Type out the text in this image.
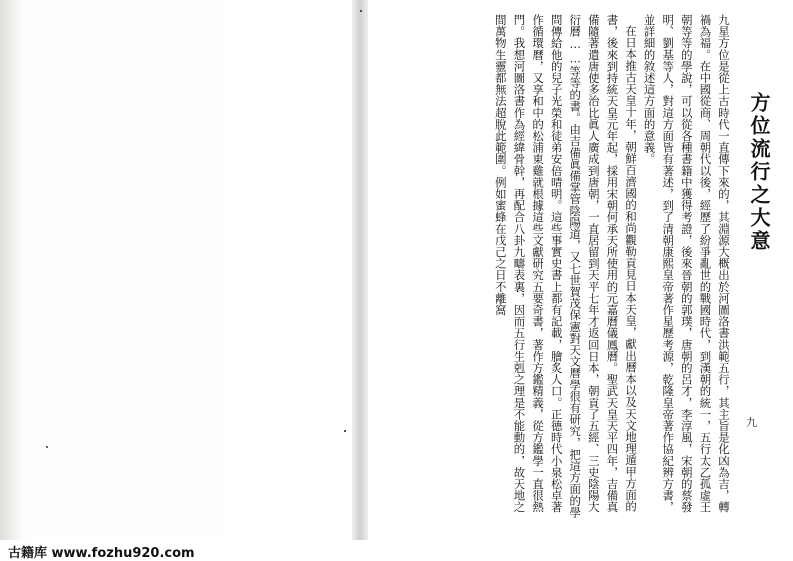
方位流行之大意

九星方位是從上古時代一直傳下來的，其淵源大概出於河圖洛書洪範五行，其主旨是化凶為吉，轉禍為福。在中國從商、周朝代以後，經歷了紛爭亂世的戰國時代，到漢朝的統一，五行太乙孤虛王朝等等的學說，可以從各種書籍中獲得考證，後來晉朝的郭璞，唐朝的呂才，李淳風，宋朝的蔡發明、劉基等人，對這方面皆有著述，到了清朝康熙皇帝著作星歷考源，乾隆皇帝著作協紀辨方書，並詳細的敘述這方面的意義。

在日本推古天皇十年，朝鮮百濟國的和尚觀勒貢見日本天皇，獻出曆本以及天文地理遁甲方面的書，後來到持統天皇元年起，採用宋朝何承天所使用的元嘉曆儀鳳曆。聖武天皇天平四年，吉備真備隨著遣唐使多治比眞人廣成到唐朝，一直居留到天平七年才返回日本，朝貢了五經、三史陰陽大衍曆……等等的書。由吉備眞備掌管陰陽道，又七世賀茂保憲對天文曆學很有研究，把這方面的學問傳給他的兒子光榮和徒弟安倍晴明。這些事實史書上都有記載，膾炙人口。正德時代小泉松卓著作循環曆，又享和中的松浦東雞就根據這些文獻研究五要奇書，著作方鑑精義，從方鑑學一直很熱門。我想河圖洛書作為經緯骨幹，再配合八卦九疇表裏，因而五行生剋之理是不能動的，故天地之間萬物生靈都無法超脫此範圍。例如蜜蜂在戊己之日不離窩

九
古籍库 www.fozhu920.com
